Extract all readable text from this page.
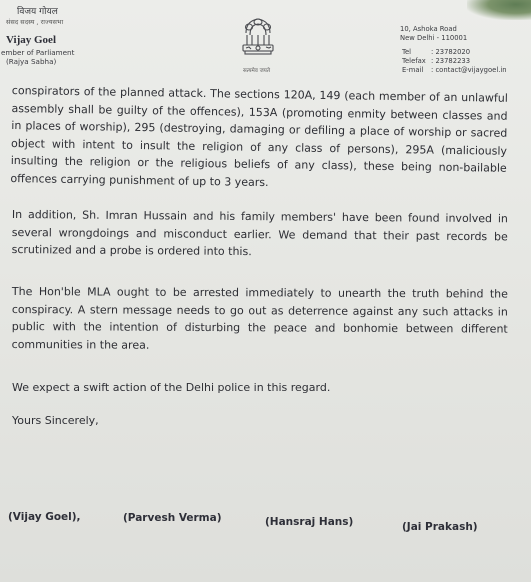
विजय गोयल
संसद सदस्य , राज्यसभा
Vijay Goel
ember of Parliament
(Rajya Sabha)
सत्यमेव जयते
10, Ashoka Road
New Delhi - 110001
Tel	: 23782020
Telefax : 23782233
E-mail : contact@vijaygoel.in

conspirators of the planned attack. The sections 120A, 149 (each member of an unlawful assembly shall be guilty of the offences), 153A (promoting enmity between classes and in places of worship), 295 (destroying, damaging or defiling a place of worship or sacred object with intent to insult the religion of any class of persons), 295A (maliciously insulting the religion or the religious beliefs of any class), these being non-bailable offences carrying punishment of up to 3 years.

In addition, Sh. Imran Hussain and his family members' have been found involved in several wrongdoings and misconduct earlier. We demand that their past records be scrutinized and a probe is ordered into this.

The Hon'ble MLA ought to be arrested immediately to unearth the truth behind the conspiracy. A stern message needs to go out as deterrence against any such attacks in public with the intention of disturbing the peace and bonhomie between different communities in the area.

We expect a swift action of the Delhi police in this regard.

Yours Sincerely,
(Vijay Goel),	(Parvesh Verma)	(Hansraj Hans)	(Jai Prakash)
